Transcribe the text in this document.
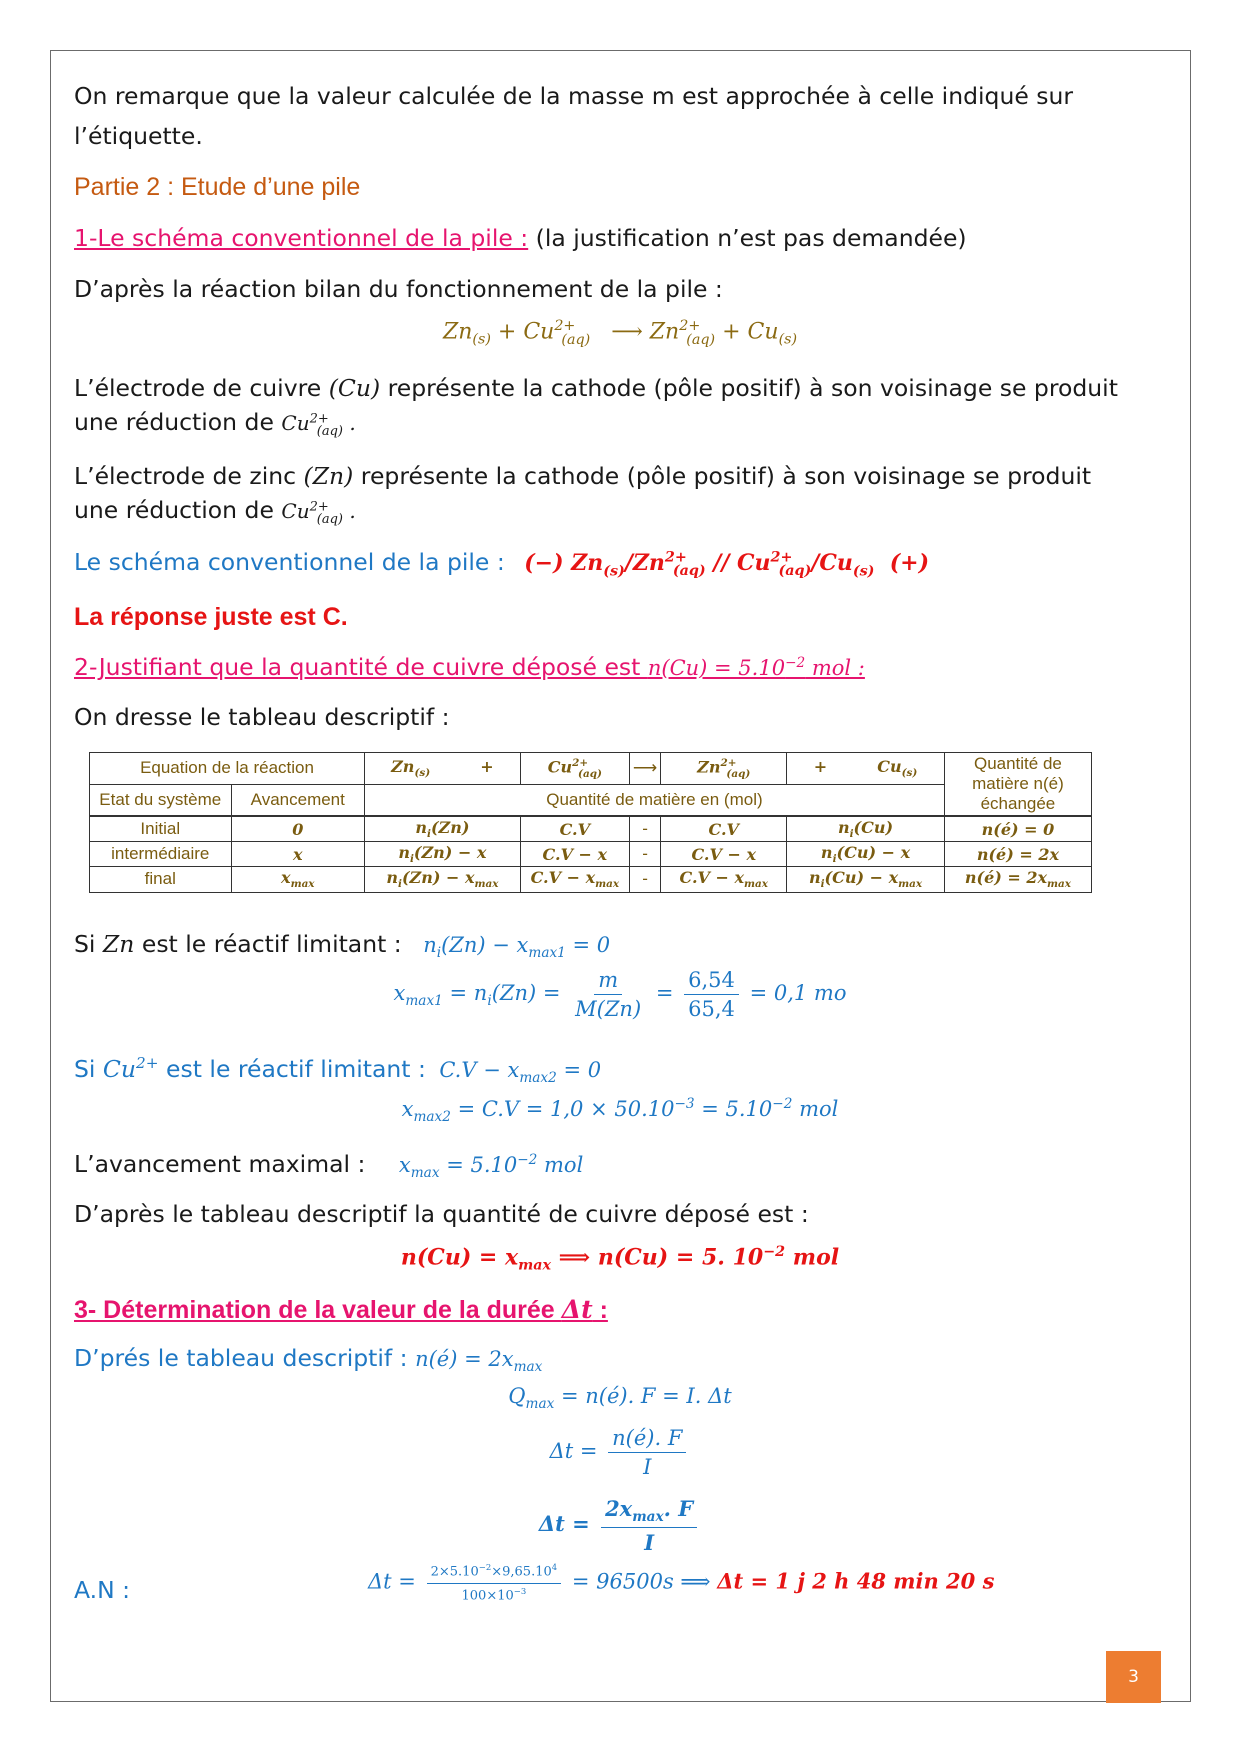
On remarque que la valeur calculée de la masse m est approchée à celle indiqué sur
l’étiquette.
Partie 2 : Etude d’une pile
1-Le schéma conventionnel de la pile : (la justification n’est pas demandée)
D’après la réaction bilan du fonctionnement de la pile :
$Zn_{(s)} + Cu^{2+}_{(aq)}$   ⟶ $Zn^{2+}_{(aq)} + Cu_{(s)}$
L’électrode de cuivre (Cu) représente la cathode (pôle positif) à son voisinage se produit
une réduction de $Cu^{2+}_{(aq)}$ .
L’électrode de zinc (Zn) représente la cathode (pôle positif) à son voisinage se produit
une réduction de $Cu^{2+}_{(aq)}$ .
Le schéma conventionnel de la pile : (−) $Zn_{(s)}/Zn^{2+}_{(aq)} // Cu^{2+}_{(aq)}/Cu_{(s)}$  (+)
La réponse juste est C.
2-Justifiant que la quantité de cuivre déposé est $n(Cu) = 5.10^{-2}$ mol :
On dresse le tableau descriptif :
Equation de la réaction		$Zn_{(s)}$         +	$Cu^{2+}_{(aq)}$	⟶	$Zn^{2+}_{(aq)}$	+         $Cu_{(s)}$	Quantité de matière n(é) échangée
Etat du système	Avancement	Quantité de matière en (mol)					
Initial	0	$n_i(Zn)$	C.V	-	C.V	$n_i(Cu)$	n(é) = 0
intermédiaire	x	$n_i(Zn) - x$	C.V − x	-	C.V − x	$n_i(Cu) - x$	n(é) = 2x
final	$x_{max}$	$n_i(Zn) - x_{max}$	$C.V - x_{max}$	-	$C.V - x_{max}$	$n_i(Cu) - x_{max}$	n(é) = $2x_{max}$
Si Zn est le réactif limitant : $n_i(Zn) - x_{max1} = 0$
$x_{max1} = n_i(Zn) = \frac{m}{M(Zn)} = \frac{6,54}{65,4} = 0,1$ mo
Si $Cu^{2+}$ est le réactif limitant : $C.V - x_{max2} = 0$
$x_{max2} = C.V = 1,0 \times 50.10^{-3} = 5.10^{-2}$ mol
L’avancement maximal : $x_{max} = 5.10^{-2}$ mol
D’après le tableau descriptif la quantité de cuivre déposé est :
$n(Cu) = x_{max}$ ⟹ n(Cu) = 5. $10^{-2}$ mol
3- Détermination de la valeur de la durée Δt :
D’prés le tableau descriptif : n(é) = $2x_{max}$
$Q_{max}$ = n(é). F = I. Δt
$\Delta t = \frac{n(é). F}{I}$
$\Delta t = \frac{2x_{max}. F}{I}$
A.N :	$\Delta t = \frac{2\times 5.10^{-2}\times 9,65.10^4}{100\times 10^{-3}} = 96500s$ ⟹ Δt = 1 j 2 h 48 min 20 s
3
